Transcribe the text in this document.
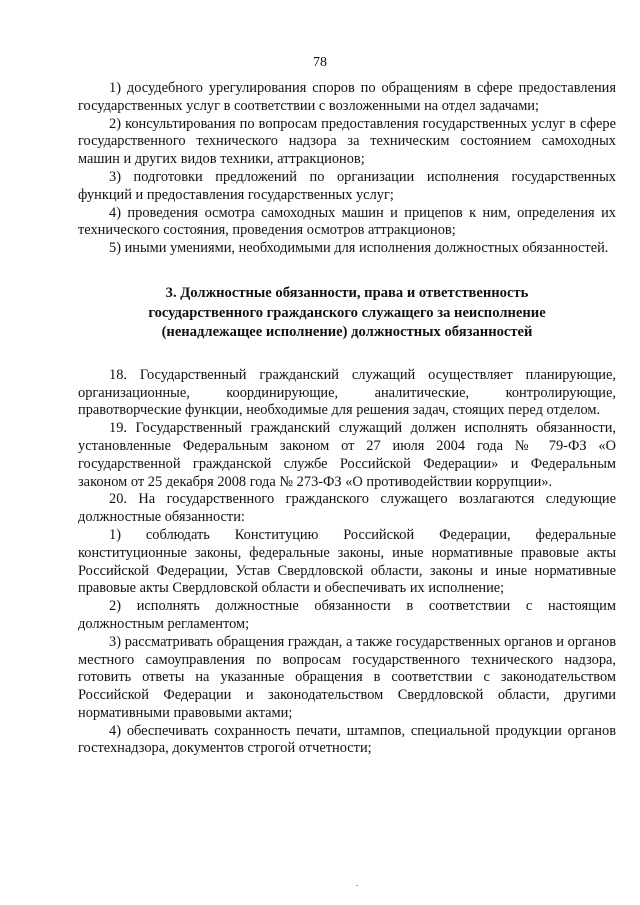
78

1) досудебного урегулирования споров по обращениям в сфере предоставления государственных услуг в соответствии с возложенными на отдел задачами;

2) консультирования по вопросам предоставления государственных услуг в сфере государственного технического надзора за техническим состоянием самоходных машин и других видов техники, аттракционов;

3) подготовки предложений по организации исполнения государственных функций и предоставления государственных услуг;

4) проведения осмотра самоходных машин и прицепов к ним, определения их технического состояния, проведения осмотров аттракционов;

5) иными умениями, необходимыми для исполнения должностных обязанностей.

3. Должностные обязанности, права и ответственность
государственного гражданского служащего за неисполнение
(ненадлежащее исполнение) должностных обязанностей

18. Государственный гражданский служащий осуществляет планирующие, организационные, координирующие, аналитические, контролирующие, правотворческие функции, необходимые для решения задач, стоящих перед отделом.

19. Государственный гражданский служащий должен исполнять обязанности, установленные Федеральным законом от 27 июля 2004 года № 79-ФЗ «О государственной гражданской службе Российской Федерации» и Федеральным законом от 25 декабря 2008 года № 273-ФЗ «О противодействии коррупции».

20. На государственного гражданского служащего возлагаются следующие должностные обязанности:

1) соблюдать Конституцию Российской Федерации, федеральные конституционные законы, федеральные законы, иные нормативные правовые акты Российской Федерации, Устав Свердловской области, законы и иные нормативные правовые акты Свердловской области и обеспечивать их исполнение;

2) исполнять должностные обязанности в соответствии с настоящим должностным регламентом;

3) рассматривать обращения граждан, а также государственных органов и органов местного самоуправления по вопросам государственного технического надзора, готовить ответы на указанные обращения в соответствии с законодательством Российской Федерации и законодательством Свердловской области, другими нормативными правовыми актами;

4) обеспечивать сохранность печати, штампов, специальной продукции органов гостехнадзора, документов строгой отчетности;
